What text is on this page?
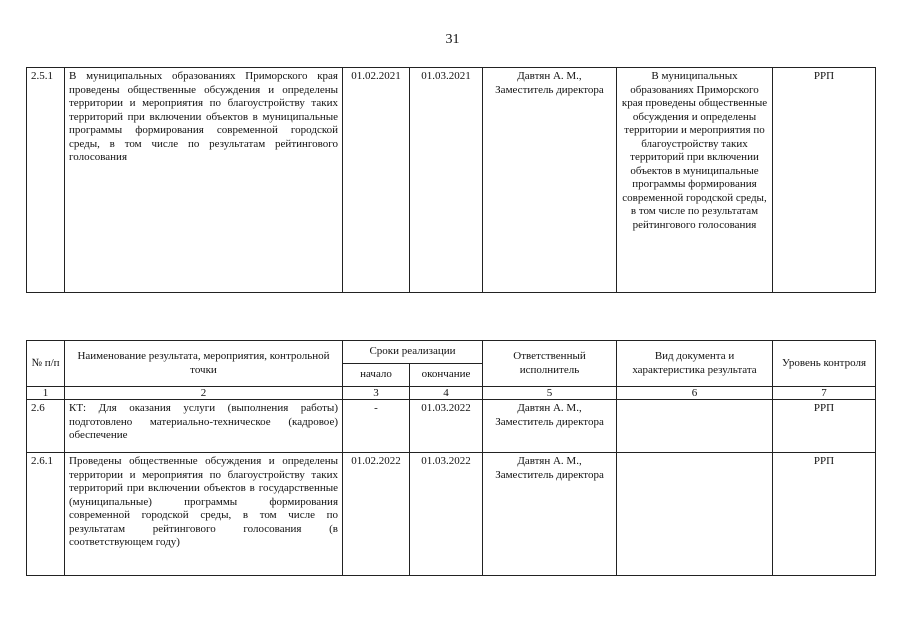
31
2.5.1	В муниципальных образованиях Приморского края проведены общественные обсуждения и определены территории и мероприятия по благоустройству таких территорий при включении объектов в муниципальные программы формирования современной городской среды, в том числе по результатам рейтингового голосования	01.02.2021	01.03.2021	Давтян А. М., Заместитель директора	В муниципальных образованиях Приморского края проведены общественные обсуждения и определены территории и мероприятия по благоустройству таких территорий при включении объектов в муниципальные программы формирования современной городской среды, в том числе по результатам рейтингового голосования	РРП
№ п/п	Наименование результата, мероприятия, контрольной точки	Сроки реализации		Ответственный исполнитель	Вид документа и характеристика результата	Уровень контроля
		начало	окончание			
1	2	3	4	5	6	7
2.6	КТ: Для оказания услуги (выполнения работы) подготовлено материально-техническое (кадровое) обеспечение	-	01.03.2022	Давтян А. М., Заместитель директора		РРП
2.6.1	Проведены общественные обсуждения и определены территории и мероприятия по благоустройству таких территорий при включении объектов в государственные (муниципальные) программы формирования современной городской среды, в том числе по результатам рейтингового голосования (в соответствующем году)	01.02.2022	01.03.2022	Давтян А. М., Заместитель директора		РРП
